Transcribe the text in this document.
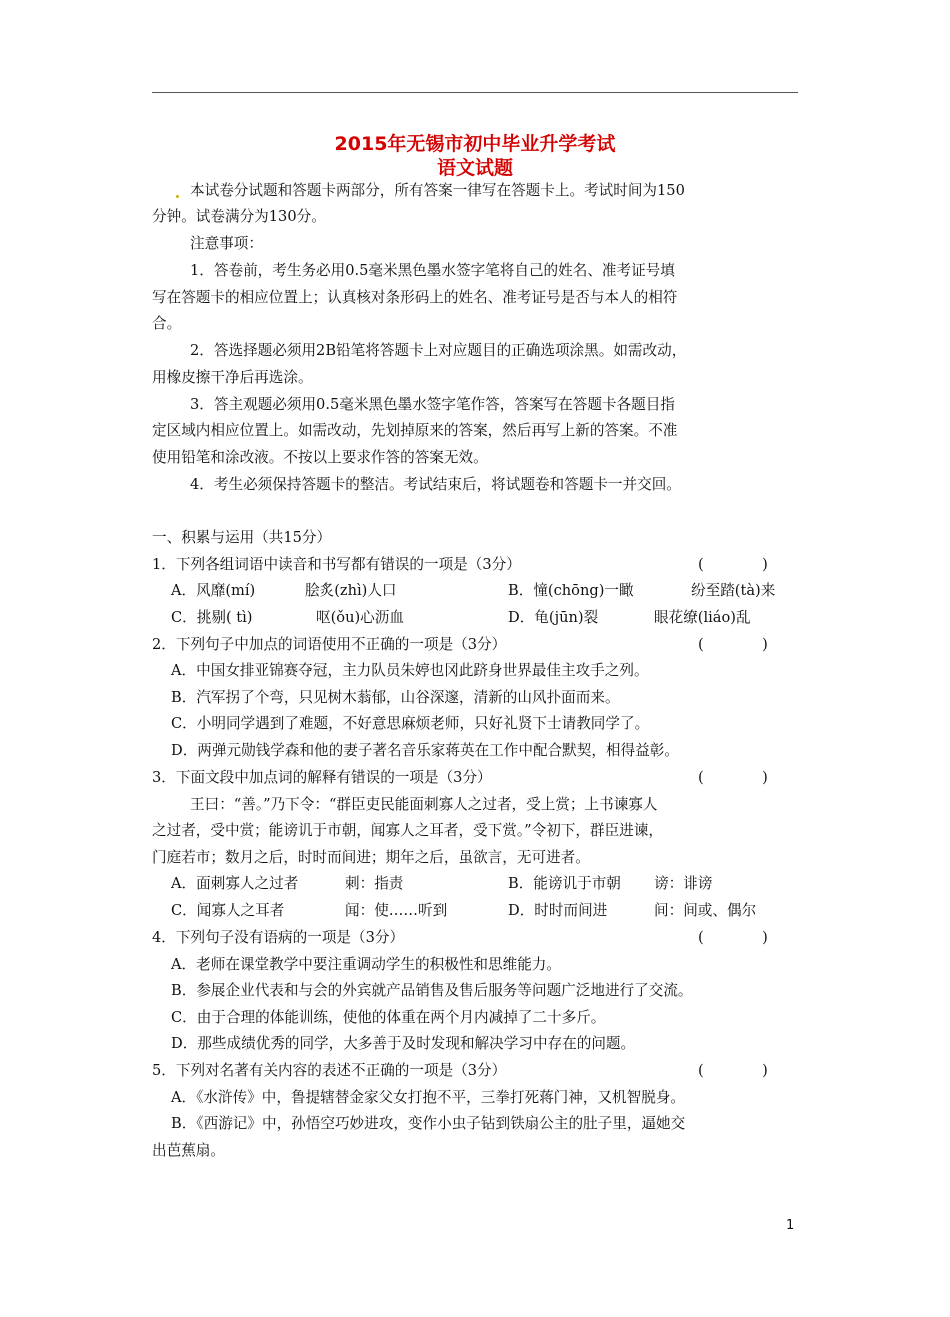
2015年无锡市初中毕业升学考试
语文试题
本试卷分试题和答题卡两部分，所有答案一律写在答题卡上。考试时间为150
分钟。试卷满分为130分。
注意事项：
1．答卷前，考生务必用0.5毫米黑色墨水签字笔将自己的姓名、准考证号填
写在答题卡的相应位置上；认真核对条形码上的姓名、准考证号是否与本人的相符
合。
2．答选择题必须用2B铅笔将答题卡上对应题目的正确选项涂黑。如需改动，
用橡皮擦干净后再选涂。
3．答主观题必须用0.5毫米黑色墨水签字笔作答，答案写在答题卡各题目指
定区域内相应位置上。如需改动，先划掉原来的答案，然后再写上新的答案。不准
使用铅笔和涂改液。不按以上要求作答的答案无效。
4．考生必须保持答题卡的整洁。考试结束后，将试题卷和答题卡一并交回。
一、积累与运用（共15分）
1．下列各组词语中读音和书写都有错误的一项是（3分）	(　　　　)
A．风靡(mí)	脍炙(zhì)人口	B．憧(chōng)一瞰	纷至踏(tà)来
C．挑剔( tì)	呕(ǒu)心沥血	D．龟(jūn)裂	眼花缭(liáo)乱
2．下列句子中加点的词语使用不正确的一项是（3分）	(　　　　)
A．中国女排亚锦赛夺冠，主力队员朱婷也冈此跻身世界最佳主攻手之列。
B．汽军拐了个弯，只见树木蓊郁，山谷深邃，清新的山风扑面而来。
C．小明同学遇到了难题，不好意思麻烦老师，只好礼贤下士请教同学了。
D．两弹元勋钱学森和他的妻子著名音乐家蒋英在工作中配合默契，相得益彰。
3．下面文段中加点词的解释有错误的一项是（3分）	(　　　　)
王曰：“善。”乃下令：“群臣吏民能面刺寡人之过者，受上赏；上书谏寡人
之过者，受中赏；能谤讥于市朝，闻寡人之耳者，受下赏。”令初下，群臣进谏，
门庭若市；数月之后，时时而间进；期年之后，虽欲言，无可进者。
A．面刺寡人之过者	刺：指责	B．能谤讥于市朝 谤：诽谤
C．闻寡人之耳者	闻：使……听到	D．时时而间进	间：间或、偶尔
4．下列句子没有语病的一项是（3分）	(　　　　)
A．老师在课堂教学中要注重调动学生的积极性和思维能力。
B．参展企业代表和与会的外宾就产品销售及售后服务等问题广泛地进行了交流。
C．由于合理的体能训练，使他的体重在两个月内减掉了二十多斤。
D．那些成绩优秀的同学，大多善于及时发现和解决学习中存在的问题。
5．下列对名著有关内容的表述不正确的一项是（3分）	(　　　　)
A．《水浒传》中，鲁提辖替金家父女打抱不平，三拳打死蒋门神，又机智脱身。
B．《西游记》中，孙悟空巧妙进攻，变作小虫子钻到铁扇公主的肚子里，逼她交
出芭蕉扇。
1
